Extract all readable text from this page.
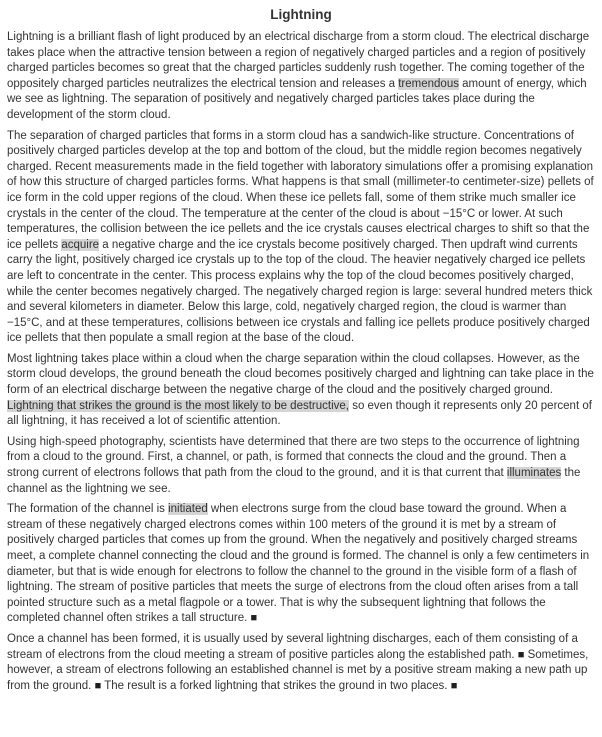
Lightning

Lightning is a brilliant flash of light produced by an electrical discharge from a storm cloud. The electrical discharge takes place when the attractive tension between a region of negatively charged particles and a region of positively charged particles becomes so great that the charged particles suddenly rush together. The coming together of the oppositely charged particles neutralizes the electrical tension and releases a tremendous amount of energy, which we see as lightning. The separation of positively and negatively charged particles takes place during the development of the storm cloud.

The separation of charged particles that forms in a storm cloud has a sandwich-like structure. Concentrations of positively charged particles develop at the top and bottom of the cloud, but the middle region becomes negatively charged. Recent measurements made in the field together with laboratory simulations offer a promising explanation of how this structure of charged particles forms. What happens is that small (millimeter-to centimeter-size) pellets of ice form in the cold upper regions of the cloud. When these ice pellets fall, some of them strike much smaller ice crystals in the center of the cloud. The temperature at the center of the cloud is about −15°C or lower. At such temperatures, the collision between the ice pellets and the ice crystals causes electrical charges to shift so that the ice pellets acquire a negative charge and the ice crystals become positively charged. Then updraft wind currents carry the light, positively charged ice crystals up to the top of the cloud. The heavier negatively charged ice pellets are left to concentrate in the center. This process explains why the top of the cloud becomes positively charged, while the center becomes negatively charged. The negatively charged region is large: several hundred meters thick and several kilometers in diameter. Below this large, cold, negatively charged region, the cloud is warmer than −15°C, and at these temperatures, collisions between ice crystals and falling ice pellets produce positively charged ice pellets that then populate a small region at the base of the cloud.

Most lightning takes place within a cloud when the charge separation within the cloud collapses. However, as the storm cloud develops, the ground beneath the cloud becomes positively charged and lightning can take place in the form of an electrical discharge between the negative charge of the cloud and the positively charged ground. Lightning that strikes the ground is the most likely to be destructive, so even though it represents only 20 percent of all lightning, it has received a lot of scientific attention.

Using high-speed photography, scientists have determined that there are two steps to the occurrence of lightning from a cloud to the ground. First, a channel, or path, is formed that connects the cloud and the ground. Then a strong current of electrons follows that path from the cloud to the ground, and it is that current that illuminates the channel as the lightning we see.

The formation of the channel is initiated when electrons surge from the cloud base toward the ground. When a stream of these negatively charged electrons comes within 100 meters of the ground it is met by a stream of positively charged particles that comes up from the ground. When the negatively and positively charged streams meet, a complete channel connecting the cloud and the ground is formed. The channel is only a few centimeters in diameter, but that is wide enough for electrons to follow the channel to the ground in the visible form of a flash of lightning. The stream of positive particles that meets the surge of electrons from the cloud often arises from a tall pointed structure such as a metal flagpole or a tower. That is why the subsequent lightning that follows the completed channel often strikes a tall structure. ■

Once a channel has been formed, it is usually used by several lightning discharges, each of them consisting of a stream of electrons from the cloud meeting a stream of positive particles along the established path. ■ Sometimes, however, a stream of electrons following an established channel is met by a positive stream making a new path up from the ground. ■ The result is a forked lightning that strikes the ground in two places. ■
